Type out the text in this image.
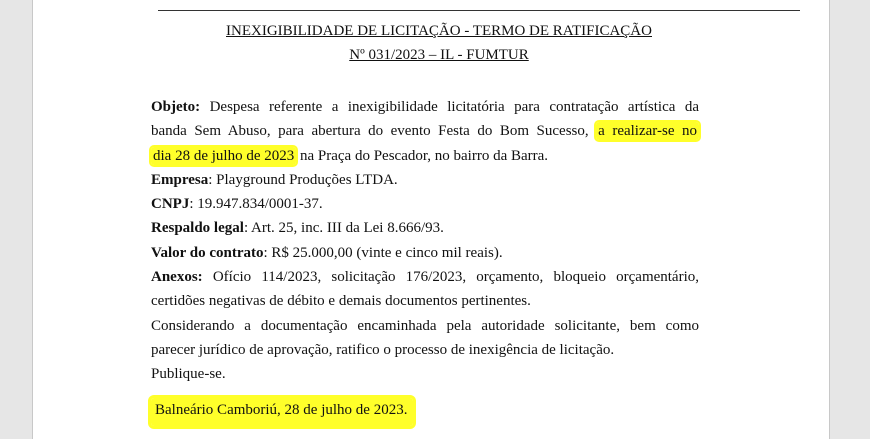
INEXIGIBILIDADE DE LICITAÇÃO - TERMO DE RATIFICAÇÃO
Nº 031/2023 – IL - FUMTUR
Objeto: Despesa referente a inexigibilidade licitatória para contratação artística da
banda Sem Abuso, para abertura do evento Festa do Bom Sucesso, a realizar-se no
dia 28 de julho de 2023 na Praça do Pescador, no bairro da Barra.
Empresa: Playground Produções LTDA.
CNPJ: 19.947.834/0001-37.
Respaldo legal: Art. 25, inc. III da Lei 8.666/93.
Valor do contrato: R$ 25.000,00 (vinte e cinco mil reais).
Anexos: Ofício 114/2023, solicitação 176/2023, orçamento, bloqueio orçamentário,
certidões negativas de débito e demais documentos pertinentes.
Considerando a documentação encaminhada pela autoridade solicitante, bem como
parecer jurídico de aprovação, ratifico o processo de inexigência de licitação.
Publique-se.
Balneário Camboriú, 28 de julho de 2023.
